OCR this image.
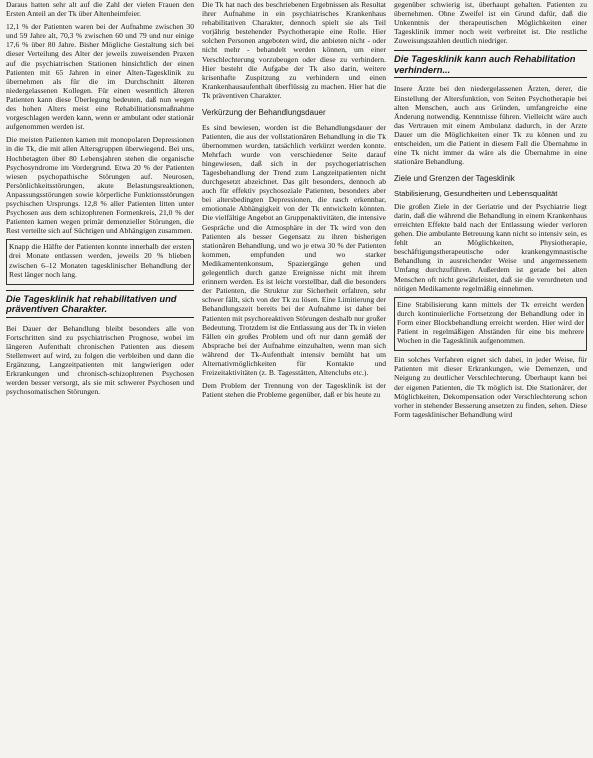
Daraus hatten sehr alt auf die Zahl der vielen Frauen den Ersten Anteil an der Tk über Altenheimfeier.

12,1 % der Patienten waren bei der Aufnahme zwischen 30 und 59 Jahre alt, 70,3 % zwischen 60 und 79 und nur einige 17,6 % über 80 Jahre. Bisher Mögliche Gestaltung sich bei dieser Verteilung des Alter der jeweils zuweisenden Praxen auf die psychiatrischen Stationen hinsichtlich der einen Patienten mit 65 Jahren in einer Alten-Tagesklinik zu übernehmen als für die im Durchschnitt älteren niedergelassenen Kollegen. Für einen wesentlich älteren Patienten kann diese Überlegung bedeuten, daß nun wegen des hohen Alters meist eine Rehabilitationsmaßnahme vorgeschlagen werden kann, wenn er ambulant oder stationär aufgenommen werden ist.

Die meisten Patienten kamen mit monopolaren Depressionen in die Tk, die mit allen Altersgruppen überwiegend. Bei uns, Hochbetagten über 80 Lebensjahren stehen die organische Psychosyndrome im Vordergrund. Etwa 20 % der Patienten wiesen psychopathische Störungen auf. Neurosen, Persönlichkeitsstörungen, akute Belastungsreaktionen, Anpassungsstörungen sowie körperliche Funktionsstörungen psychischen Ursprungs. 12,8 % aller Patienten litten unter Psychosen aus dem schizophrenen Formenkreis, 21,0 % der Patienten kamen wegen primär demenzieller Störungen, die Rest verteilte sich auf Süchtigen und Abhängigen zusammen.

Knapp die Hälfte der Patienten konnte innerhalb der ersten drei Monate entlassen werden, jeweils 20 % blieben zwischen 6–12 Monaten tagesklinischer Behandlung der Rest länger noch lang.

Die Tagesklinik hat rehabilitativen und präventiven Charakter.

Bei Dauer der Behandlung bleibt besonders alle von Fortschritten sind zu psychiatrischen Prognose, wobei im längeren Aufenthalt chronischen Patienten aus diesem Stellenwert auf wird, zu folgen die verbleiben und dann die Ergänzung, Langzeitpatienten mit langwierigen oder Erkrankungen und chronisch-schizophrenen Psychosen werden besser versorgt, als sie mit schwerer Psychosen und psychosomatischen Störungen.

Die Tk hat nach des beschriebenen Ergebnissen als Resultat ihrer Aufnahme in ein psychiatrisches Krankenhaus rehabilitativen Charakter, dennoch spielt sie als Teil vorjährig bestehender Psychotherapie eine Rolle. Hier solchen Personen angeboten wird, die anbieten nicht - oder nicht mehr - behandelt werden können, um einer Verschlechterung vorzubeugen oder diese zu verhindern. Hier besteht die Aufgabe der Tk also darin, weitere krisenhafte Zuspitzung zu verhindern und einen Krankenhausaufenthalt überflüssig zu machen. Hier hat die Tk präventiven Charakter.

Verkürzung der Behandlungsdauer

Es sind bewiesen, worden ist die Behandlungsdauer der Patienten, die aus der vollstationären Behandlung in die Tk übernommen wurden, tatsächlich verkürzt werden konnte. Mehrfach wurde von verschiedener Seite darauf hingewiesen, daß sich in der psychogeriatrischen Tagesbehandlung der Trend zum Langzeitpatienten nicht durchgesetzt abzeichnet. Das gilt besonders, dennoch ab auch für effektiv psychosoziale Patienten, besonders aber bei altersbedingten Depressionen, die rasch erkennbar, emotionale Abhängigkeit von der Tk entwickeln könnten. Die vielfältige Angebot an Gruppenaktivitäten, die intensive Gespräche und die Atmosphäre in der Tk wird von den Patienten als besser Gegensatz zu ihren bisherigen stationären Behandlung, und wo je etwa 30 % der Patienten kommen, empfunden und wo starker Medikamentenkonsum, Spaziergänge gehen und gelegentlich durch ganze Ereignisse nicht mit ihrem erinnern werden. Es ist leicht vorstellbar, daß die besonders der Patienten, die Struktur zur Sicherheit erfahren, sehr schwer fällt, sich von der Tk zu lösen. Eine Limitierung der Behandlungszeit bereits bei der Aufnahme ist daher bei Patienten mit psychoreaktiven Störungen deshalb nur großer Bedeutung. Trotzdem ist die Entlassung aus der Tk in vielen Fällen ein großes Problem und oft nur dann gemäß der Absprache bei der Aufnahme einzuhalten, wenn man sich während der Tk-Aufenthalt intensiv bemüht hat um Alternativmöglichkeiten für Kontakte und Freizeitaktivitäten (z. B. Tagesstätten, Altenclubs etc.).

Dem Problem der Trennung von der Tagesklinik ist der Patient stehen die Probleme gegenüber, daß er bis heute zu

gegenüber schwierig ist, überhaupt gehalten. Patienten zu übernehmen. Ohne Zweifel ist ein Grund dafür, daß die Unkenntnis der therapeutischen Möglichkeiten einer Tagesklinik immer noch weit verbreitet ist. Die restliche Zuweisungszahlen deutlich niedriger.

Die Tagesklinik kann auch Rehabilitation verhindern...

Insere Ärzte bei den niedergelassenen Ärzten, derer, die Einstellung der Altersfunktion, von Seiten Psychotherapie bei alten Menschen, auch aus Gründen, umfangreiche eine Änderung notwendig. Kenntnisse führen. Vielleicht wäre auch das Vertrauen mit einem Ambulanz dadurch, in der Arzte Dauer um die Möglichkeiten einer Tk zu können und zu entscheiden, um die Patient in diesem Fall die Übernahme in eine Tk nicht immer da wäre als die Übernahme in eine stationäre Behandlung.

Ziele und Grenzen der Tagesklinik
Stabilisierung, Gesundheiten und Lebensqualität

Die großen Ziele in der Geriatrie und der Psychiatrie liegt darin, daß die während die Behandlung in einem Krankenhaus erreichten Effekte bald nach der Entlassung wieder verloren gehen. Die ambulante Betreuung kann nicht so intensiv sein, es fehlt an Möglichkeiten, Physiotherapie, beschäftigungstherapeutische oder krankengymnastische Behandlung in ausreichender Weise und angemessenem Umfang durchzuführen. Außerdem ist gerade bei alten Menschen oft nicht gewährleistet, daß sie die verordneten und nötigen Medikamente regelmäßig einnehmen.

Eine Stabilisierung kann mittels der Tk erreicht werden durch kontinuierliche Fortsetzung der Behandlung oder in Form einer Blockbehandlung erreicht werden. Hier wird der Patient in regelmäßigen Abständen für eine bis mehrere Wochen in die Tagesklinik aufgenommen.

Ein solches Verfahren eignet sich dabei, in jeder Weise, für Patienten mit dieser Erkrankungen, wie Demenzen, und Neigung zu deutlicher Verschlechterung. Überhaupt kann bei der eigenen Patienten, die Tk möglich ist. Die Stationärer, der Möglichkeiten, Dekompensation oder Verschlechterung schon vorher in stehender Besserung ansetzen zu finden, sehen. Diese Form tagesklinischer Behandlung wird
